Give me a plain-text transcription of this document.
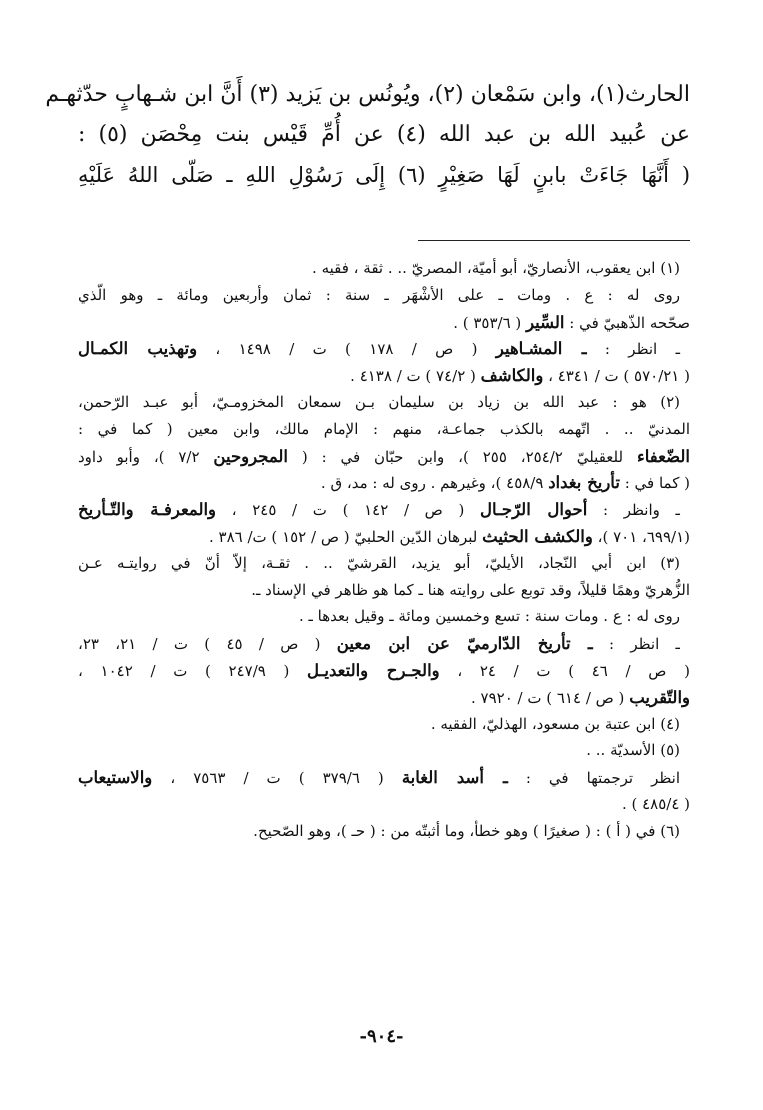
الحارث(١)، وابن سَمْعان (٢)، ويُونُس بن يَزيد (٣) أَنَّ ابن شـهابٍ حدّثهـم
عن عُبيد الله بن عبد الله (٤) عن أُمِّ قَيْس بنت مِحْصَن (٥) :
( أَنَّهَا جَاءَتْ بابنٍ لَهَا صَغِيْرٍ (٦) إِلَى رَسُوْلِ اللهِ ـ صَلّى اللهُ عَلَيْهِ
(١) ابن يعقوب، الأنصاريّ، أبو أميّة، المصريّ .. . ثقة ، فقيه .
روى له : ع . ومات ـ على الأشْهَر ـ سنة : ثمان وأربعين ومائة ـ وهو الّذي
صحّحه الذّهبيّ في : السِّير ( ٣٥٣/٦ ) .
ـ انظر : ـ المشـاهير ( ص / ١٧٨ ) ت / ١٤٩٨ ، وتهذيب الكمـال
( ٥٧٠/٢١ ) ت / ٤٣٤١ ، والكاشف ( ٧٤/٢ ) ت / ٤١٣٨ .
(٢) هو : عبد الله بن زياد بن سليمان بـن سمعان المخزومـيّ، أبو عبـد الرّحمن،
المدنيّ .. . اتّهمه بالكذب جماعـة، منهم : الإمام مالك، وابن معين ( كما في :
الضّعفاء للعقيليّ ٢٥٤/٢، ٢٥٥ )، وابن حبّان في : ( المجروحين ٧/٢ )، وأبو داود
( كما في : تأريخ بغداد ٤٥٨/٩ )، وغيرهم . روى له : مد، ق .
ـ وانظر : أحوال الرّجـال ( ص / ١٤٢ ) ت / ٢٤٥ ، والمعرفـة والتّـأريخ
(٦٩٩/١، ٧٠١ )، والكشف الحثيث لبرهان الدّين الحلبيّ ( ص / ١٥٢ ) ت/ ٣٨٦ .
(٣) ابن أبي النّجاد، الأيليّ، أبو يزيد، القرشيّ .. . ثقـة، إلاّ أنّ في روايتـه عـن
الزُّهريّ وهمًا قليلاً، وقد توبع على روايته هنا ـ كما هو ظاهر في الإسناد ـ.
روى له : ع . ومات سنة : تسع وخمسين ومائة ـ وقيل بعدها ـ .
ـ انظر : ـ تأريخ الدّارميّ عن ابن معين ( ص / ٤٥ ) ت / ٢١، ٢٣،
( ص / ٤٦ ) ت / ٢٤ ، والجـرح والتعديـل ( ٢٤٧/٩ ) ت / ١٠٤٢ ،
والتّقريب ( ص / ٦١٤ ) ت / ٧٩٢٠ .
(٤) ابن عتبة بن مسعود، الهذليّ، الفقيه .
(٥) الأسديّة .. .
انظر ترجمتها في : ـ أسد الغابة ( ٣٧٩/٦ ) ت / ٧٥٦٣ ، والاستيعاب
( ٤٨٥/٤ ) .
(٦) في ( أ ) : ( صغيرًا ) وهو خطأ، وما أثبتّه من : ( حـ )، وهو الصّحيح.
-٩٠٤-
